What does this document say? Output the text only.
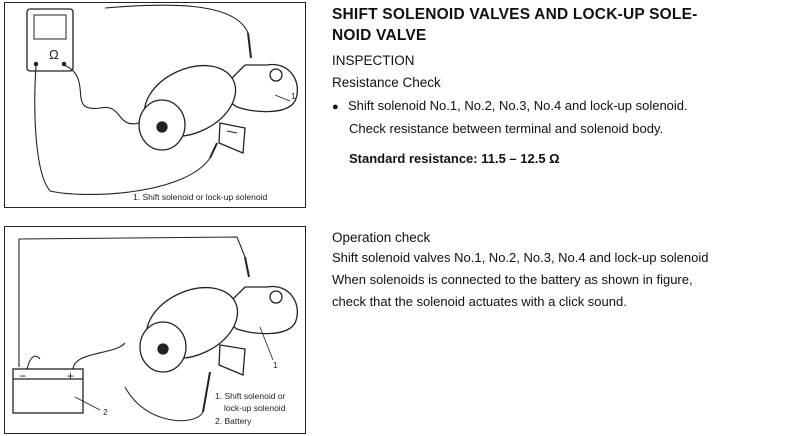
1
Ω
1. Shift solenoid or lock-up solenoid
−	+
1
2
1. Shift solenoid or
lock-up solenoid
2. Battery
SHIFT SOLENOID VALVES AND LOCK-UP SOLE-
NOID VALVE
INSPECTION
Resistance Check
● Shift solenoid No.1, No.2, No.3, No.4 and lock-up solenoid.
Check resistance between terminal and solenoid body.
Standard resistance: 11.5 – 12.5 Ω
Operation check
Shift solenoid valves No.1, No.2, No.3, No.4 and lock-up solenoid
When solenoids is connected to the battery as shown in figure,
check that the solenoid actuates with a click sound.
